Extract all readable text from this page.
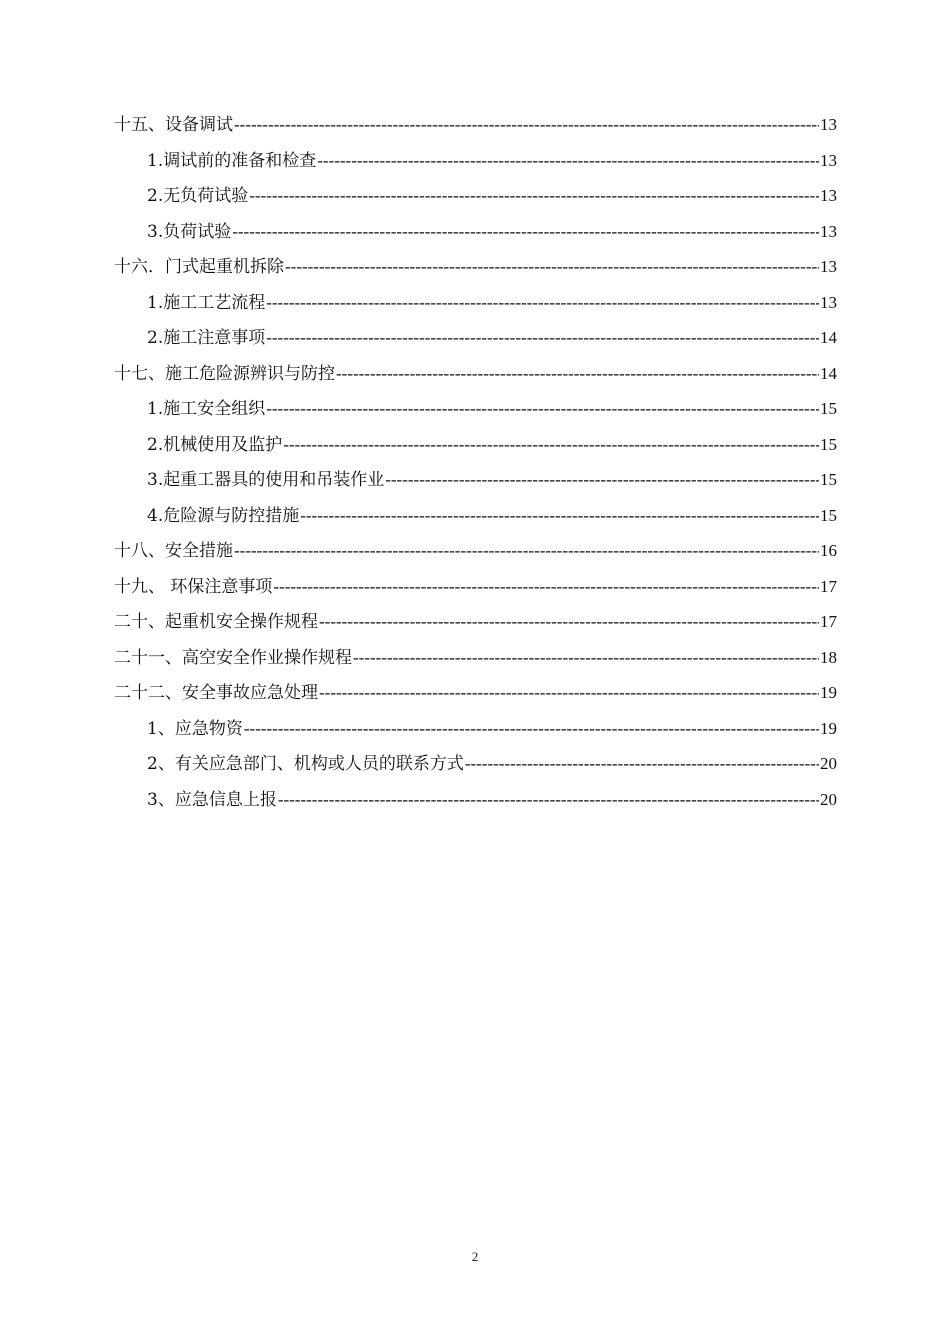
十五、设备调试 -----	13
1.调试前的准备和检查 -----	13
2.无负荷试验 -----	13
3.负荷试验 -----	13
十六．门式起重机拆除 -----	13
1.施工工艺流程 -----	13
2.施工注意事项 -----	14
十七、施工危险源辨识与防控 -----	14
1.施工安全组织 -----	15
2.机械使用及监护 -----	15
3.起重工器具的使用和吊装作业 -----	15
4.危险源与防控措施 -----	15
十八、安全措施 -----	16
十九、 环保注意事项 -----	17
二十、起重机安全操作规程 -----	17
二十一、高空安全作业操作规程 -----	18
二十二、安全事故应急处理 -----	19
1、应急物资 -----	19
2、有关应急部门、机构或人员的联系方式 -----	20
3、应急信息上报 -----	20
2
